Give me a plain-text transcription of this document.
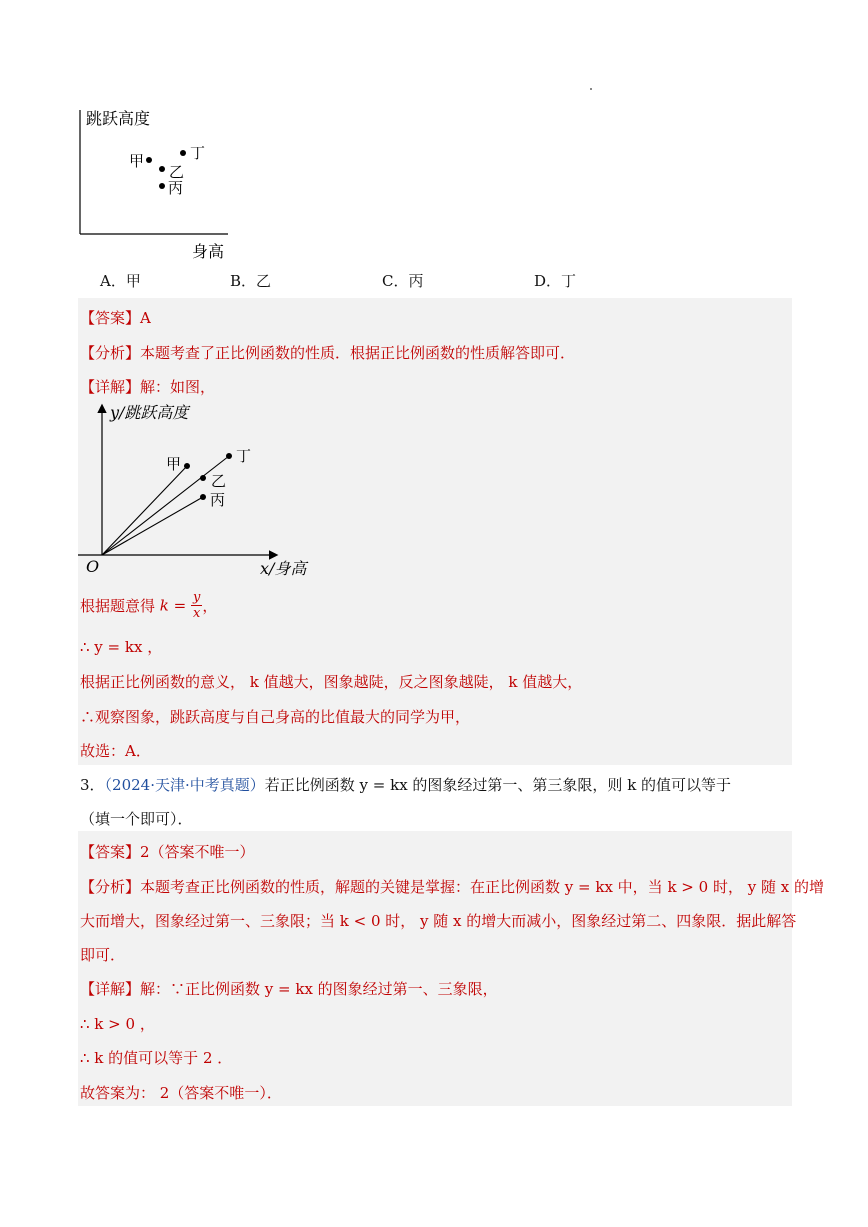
跳跃高度
身高
甲
乙
丙
丁
A．甲	B．乙	C．丙	D．丁
【答案】A
【分析】本题考查了正比例函数的性质．根据正比例函数的性质解答即可．
【详解】解：如图，
y/跳跃高度
x/身高
O
甲
乙
丙
丁
根据题意得 $k = \frac{y}{x}$ ，
∴ y = kx ，
根据正比例函数的意义， k 值越大，图象越陡，反之图象越陡， k 值越大，
∴观察图象，跳跃高度与自己身高的比值最大的同学为甲，
故选：A．
3．（2024·天津·中考真题）若正比例函数 y = kx 的图象经过第一、第三象限，则 k 的值可以等于
（填一个即可）．
【答案】2（答案不唯一）
【分析】本题考查正比例函数的性质，解题的关键是掌握：在正比例函数 y = kx 中，当 k > 0 时， y 随 x 的增
大而增大，图象经过第一、三象限；当 k < 0 时， y 随 x 的增大而减小，图象经过第二、四象限．据此解答
即可．
【详解】解：∵正比例函数 y = kx 的图象经过第一、三象限，
∴ k > 0 ，
∴ k 的值可以等于 2 ．
故答案为： 2（答案不唯一）．
